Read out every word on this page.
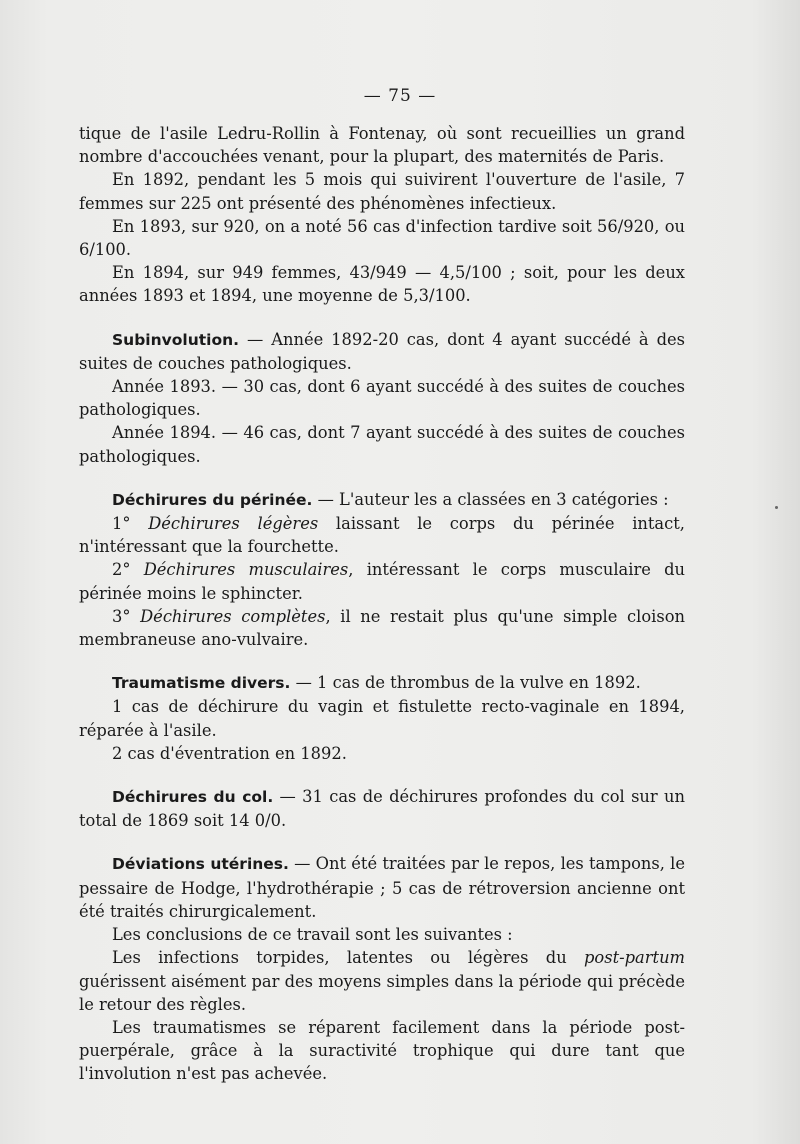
— 75 —

tique de l'asile Ledru-Rollin à Fontenay, où sont recueillies un grand nombre d'accouchées venant, pour la plupart, des maternités de Paris.

En 1892, pendant les 5 mois qui suivirent l'ouverture de l'asile, 7 femmes sur 225 ont présenté des phénomènes infectieux.

En 1893, sur 920, on a noté 56 cas d'infection tardive soit 56/920, ou 6/100.

En 1894, sur 949 femmes, 43/949 — 4,5/100 ; soit, pour les deux années 1893 et 1894, une moyenne de 5,3/100.

Subinvolution. — Année 1892-20 cas, dont 4 ayant succédé à des suites de couches pathologiques.

Année 1893. — 30 cas, dont 6 ayant succédé à des suites de couches pathologiques.

Année 1894. — 46 cas, dont 7 ayant succédé à des suites de couches pathologiques.

Déchirures du périnée. — L'auteur les a classées en 3 catégories :

1° Déchirures légères laissant le corps du périnée intact, n'intéressant que la fourchette.

2° Déchirures musculaires, intéressant le corps musculaire du périnée moins le sphincter.

3° Déchirures complètes, il ne restait plus qu'une simple cloison membraneuse ano-vulvaire.

Traumatisme divers. — 1 cas de thrombus de la vulve en 1892.

1 cas de déchirure du vagin et fistulette recto-vaginale en 1894, réparée à l'asile.

2 cas d'éventration en 1892.

Déchirures du col. — 31 cas de déchirures profondes du col sur un total de 1869 soit 14 0/0.

Déviations utérines. — Ont été traitées par le repos, les tampons, le pessaire de Hodge, l'hydrothérapie ; 5 cas de rétroversion ancienne ont été traités chirurgicalement.

Les conclusions de ce travail sont les suivantes :

Les infections torpides, latentes ou légères du post-partum guérissent aisément par des moyens simples dans la période qui précède le retour des règles.

Les traumatismes se réparent facilement dans la période post-puerpérale, grâce à la suractivité trophique qui dure tant que l'involution n'est pas achevée.
